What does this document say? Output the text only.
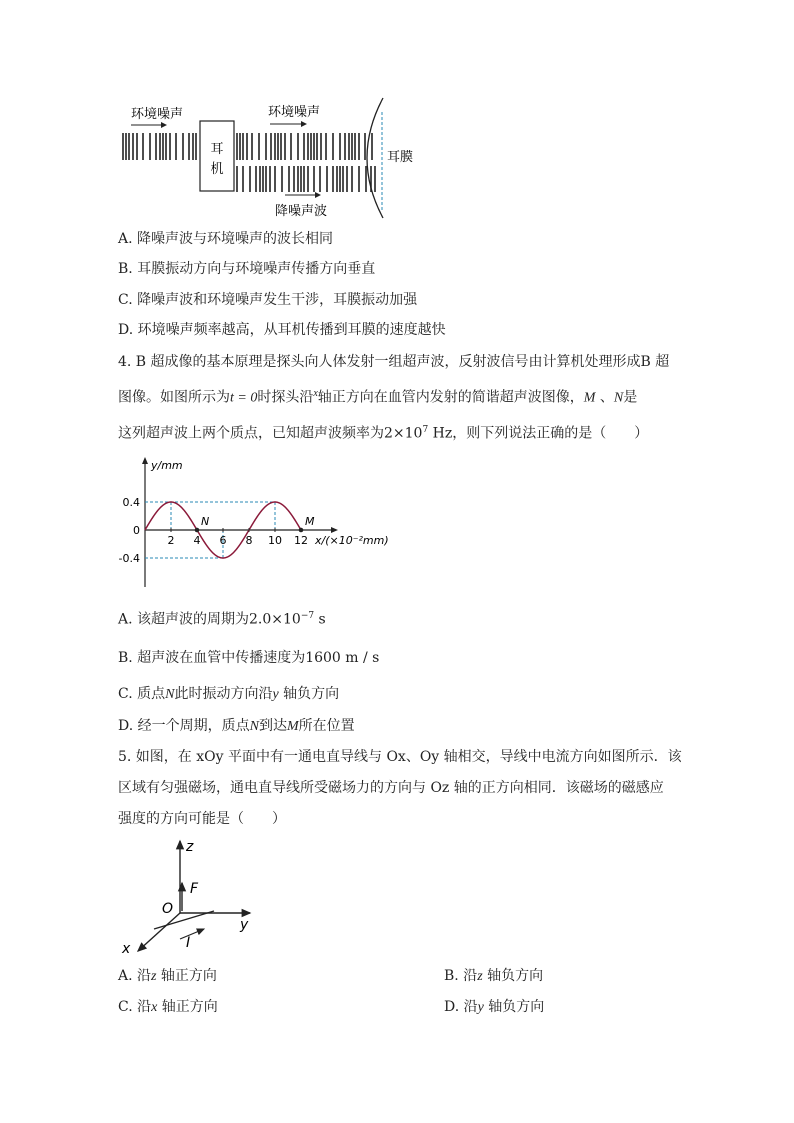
耳
机
环境噪声	环境噪声
降噪声波
耳膜
A. 降噪声波与环境噪声的波长相同
B. 耳膜振动方向与环境噪声传播方向垂直
C. 降噪声波和环境噪声发生干涉，耳膜振动加强
D. 环境噪声频率越高，从耳机传播到耳膜的速度越快
4. B 超成像的基本原理是探头向人体发射一组超声波，反射波信号由计算机处理形成B 超
图像。如图所示为t = 0时探头沿$^x$轴正方向在血管内发射的简谐超声波图像，M 、N是
这列超声波上两个质点，已知超声波频率为$2\times 10^7$ Hz，则下列说法正确的是（　　）
N	M
2 4 6 8 10 12
0.4
0
-0.4
y/mm
x/(×10⁻²mm)
A. 该超声波的周期为$2.0\times 10^{-7}$ s
B. 超声波在血管中传播速度为1600 m / s
C. 质点N此时振动方向沿y 轴负方向
D. 经一个周期，质点N到达M所在位置
5. 如图，在 xOy 平面中有一通电直导线与 Ox、Oy 轴相交，导线中电流方向如图所示．该
区域有匀强磁场，通电直导线所受磁场力的方向与 Oz 轴的正方向相同．该磁场的磁感应
强度的方向可能是（　　）
z
y
x
O
F
I
A. 沿z 轴正方向	B. 沿z 轴负方向
C. 沿x 轴正方向	D. 沿y 轴负方向
